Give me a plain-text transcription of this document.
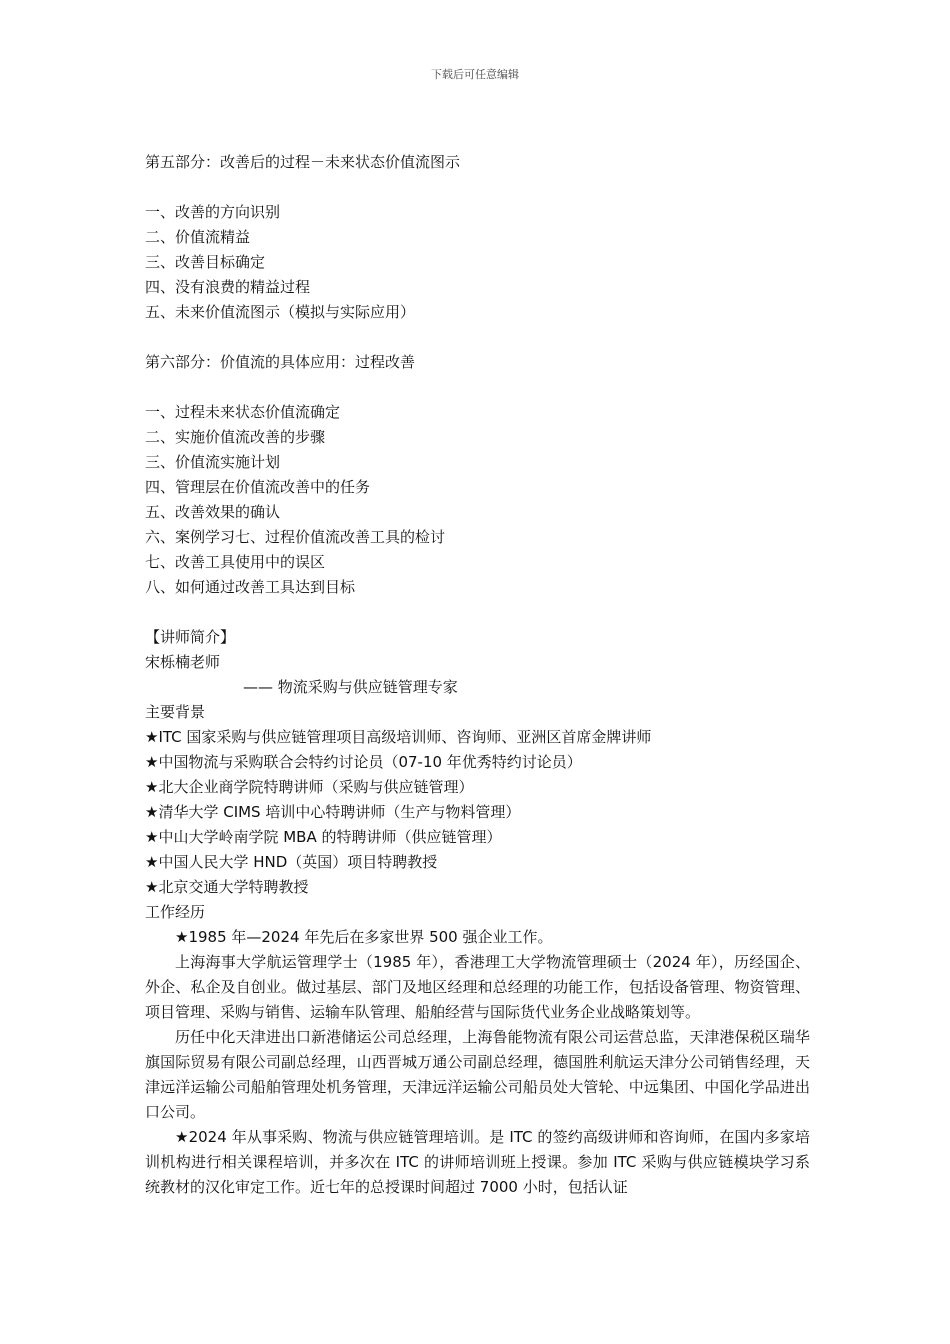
下载后可任意编辑
第五部分：改善后的过程－未来状态价值流图示
一、改善的方向识别
二、价值流精益
三、改善目标确定
四、没有浪费的精益过程
五、未来价值流图示（模拟与实际应用）
第六部分：价值流的具体应用：过程改善
一、过程未来状态价值流确定
二、实施价值流改善的步骤
三、价值流实施计划
四、管理层在价值流改善中的任务
五、改善效果的确认
六、案例学习七、过程价值流改善工具的检讨
七、改善工具使用中的误区
八、如何通过改善工具达到目标
【讲师简介】
宋栎楠老师
—— 物流采购与供应链管理专家
主要背景
★ITC 国家采购与供应链管理项目高级培训师、咨询师、亚洲区首席金牌讲师
★中国物流与采购联合会特约讨论员（07-10 年优秀特约讨论员）
★北大企业商学院特聘讲师（采购与供应链管理）
★清华大学 CIMS 培训中心特聘讲师（生产与物料管理）
★中山大学岭南学院 MBA 的特聘讲师（供应链管理）
★中国人民大学 HND（英国）项目特聘教授
★北京交通大学特聘教授
工作经历
★1985 年—2024 年先后在多家世界 500 强企业工作。
上海海事大学航运管理学士（1985 年），香港理工大学物流管理硕士（2024 年），历经国企、外企、私企及自创业。做过基层、部门及地区经理和总经理的功能工作，包括设备管理、物资管理、项目管理、采购与销售、运输车队管理、船舶经营与国际货代业务企业战略策划等。
历任中化天津进出口新港储运公司总经理，上海鲁能物流有限公司运营总监，天津港保税区瑞华旗国际贸易有限公司副总经理，山西晋城万通公司副总经理，德国胜利航运天津分公司销售经理，天津远洋运输公司船舶管理处机务管理，天津远洋运输公司船员处大管轮、中远集团、中国化学品进出口公司。
★2024 年从事采购、物流与供应链管理培训。是 ITC 的签约高级讲师和咨询师，在国内多家培训机构进行相关课程培训，并多次在 ITC 的讲师培训班上授课。参加 ITC 采购与供应链模块学习系统教材的汉化审定工作。近七年的总授课时间超过 7000 小时，包括认证
